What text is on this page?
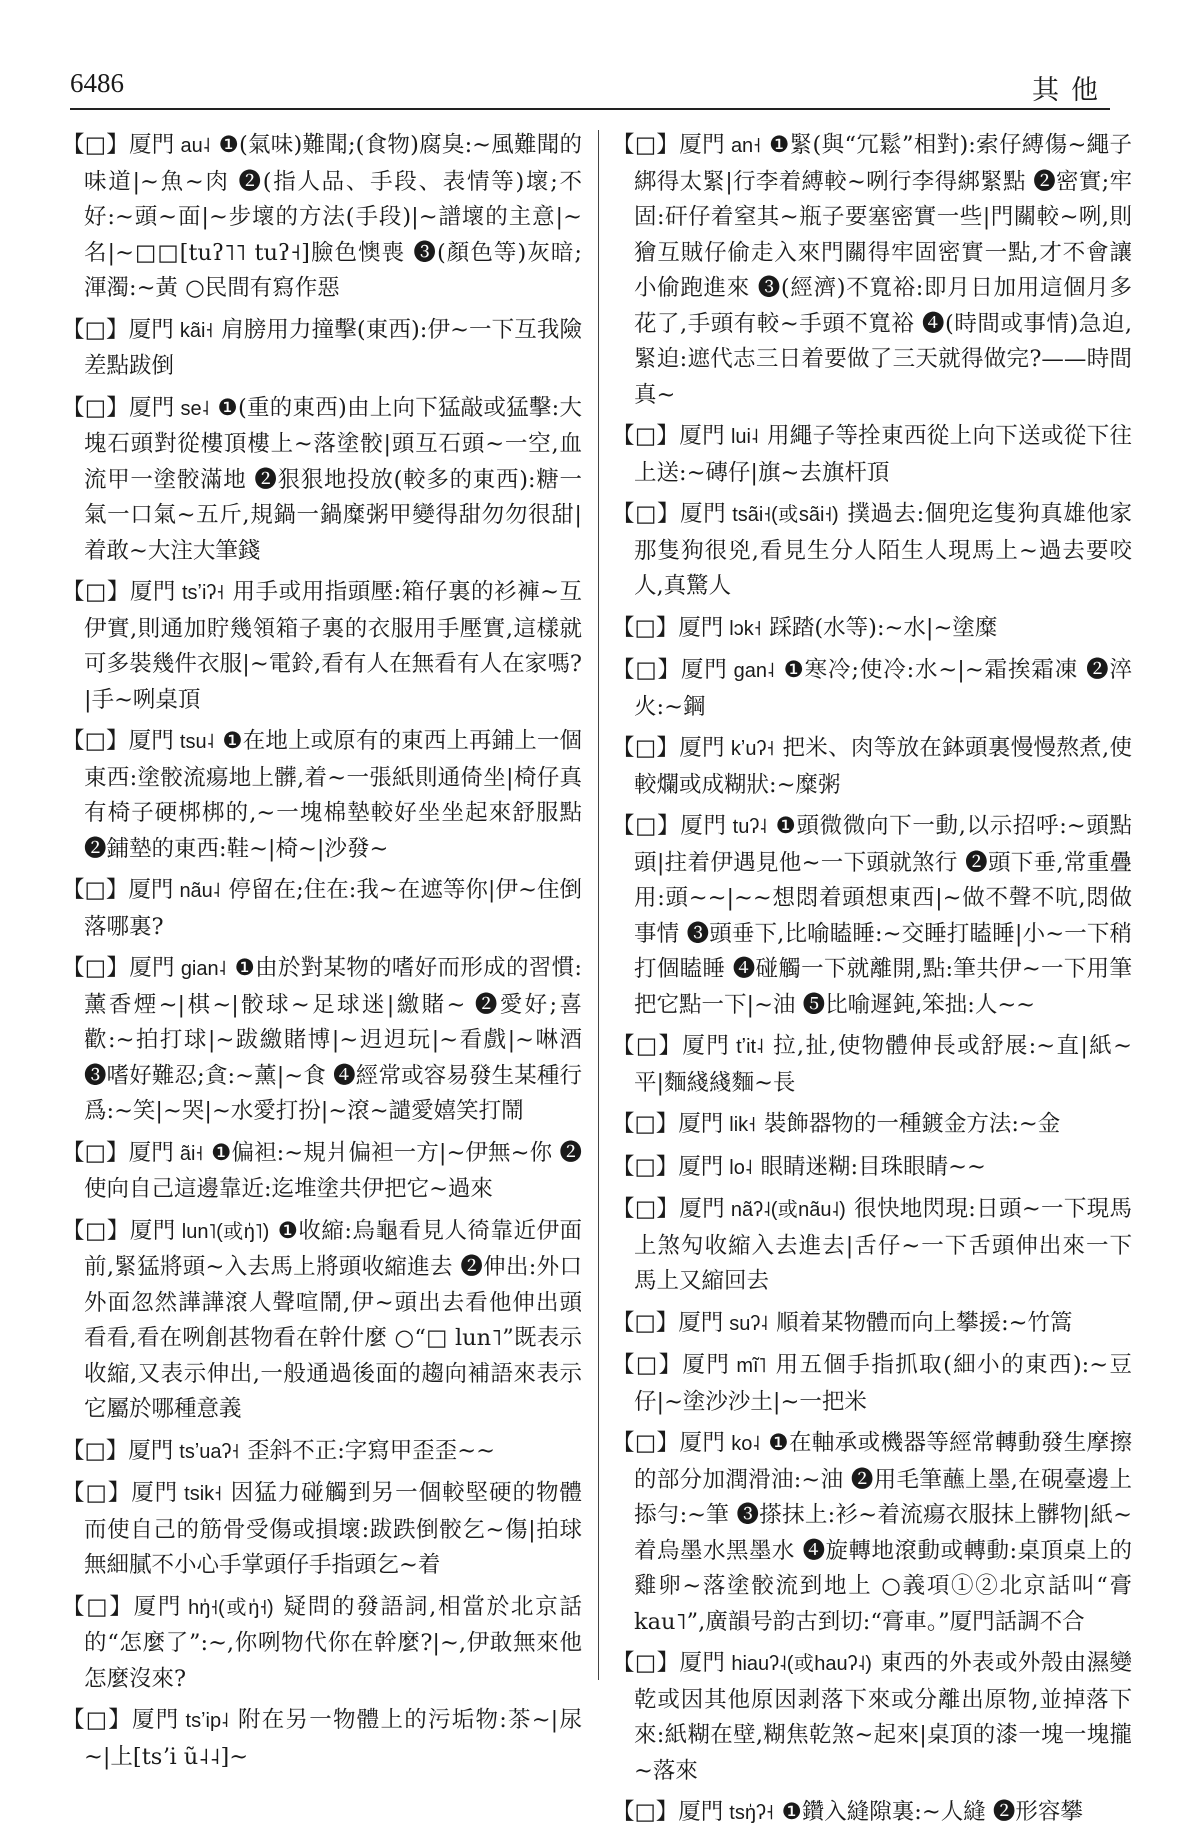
6486	其他

【□】厦門 au˨ ❶(氣味)難聞;(食物)腐臭:~風難聞的味道|~魚~肉 ❷(指人品、手段、表情等)壞;不好:~頭~面|~步壞的方法(手段)|~譜壞的主意|~名|~□□[tuʔ˥˥ tuʔ˧]臉色懊喪 ❸(顏色等)灰暗;渾濁:~黃 ○民間有寫作惡

【□】厦門 kãi˧ 肩膀用力撞擊(東西):伊~一下互我險差點跋倒

【□】厦門 se˨ ❶(重的東西)由上向下猛敲或猛擊:大塊石頭對從樓頂樓上~落塗骹|頭互石頭~一空,血流甲一塗骹滿地 ❷狠狠地投放(較多的東西):糖一氣一口氣~五斤,規鍋一鍋糜粥甲變得甜勿勿很甜|着敢~大注大筆錢

【□】厦門 tsʼiʔ˧ 用手或用指頭壓:箱仔裏的衫褲~互伊實,則通加貯幾領箱子裏的衣服用手壓實,這樣就可多裝幾件衣服|~電鈴,看有人在無看有人在家嗎?|手~咧桌頂

【□】厦門 tsu˨ ❶在地上或原有的東西上再鋪上一個東西:塗骹流瘍地上髒,着~一張紙則通倚坐|椅仔真有椅子硬梆梆的,~一塊棉墊較好坐坐起來舒服點 ❷鋪墊的東西:鞋~|椅~|沙發~

【□】厦門 nãu˨ 停留在;住在:我~在遮等你|伊~住倒落哪裏?

【□】厦門 gian˨ ❶由於對某物的嗜好而形成的習慣:薰香煙~|棋~|骹球~足球迷|繳賭~ ❷愛好;喜歡:~拍打球|~跋繳賭博|~迌迌玩|~看戲|~啉酒 ❸嗜好難忍;貪:~薰|~食 ❹經常或容易發生某種行爲:~笑|~哭|~水愛打扮|~滾~譴愛嬉笑打鬧

【□】厦門 ãi˧ ❶偏袒:~規爿偏袒一方|~伊無~你 ❷使向自己這邊靠近:迄堆塗共伊把它~過來

【□】厦門 lun˥(或ŋ̍˥) ❶收縮:烏龜看見人徛靠近伊面前,緊猛將頭~入去馬上將頭收縮進去 ❷伸出:外口外面忽然譁譁滾人聲喧鬧,伊~頭出去看他伸出頭看看,看在咧創甚物看在幹什麼 ○“□ lun˥”既表示收縮,又表示伸出,一般通過後面的趨向補語來表示它屬於哪種意義

【□】厦門 tsʼuaʔ˧ 歪斜不正:字寫甲歪歪~~

【□】厦門 tsik˧ 因猛力碰觸到另一個較堅硬的物體而使自己的筋骨受傷或損壞:跋跌倒骹乞~傷|拍球無細膩不小心手掌頭仔手指頭乞~着

【□】厦門 hŋ̍˧(或ŋ̍˧) 疑問的發語詞,相當於北京話的“怎麼了”:~,你咧物代你在幹麼?|~,伊敢無來他怎麼沒來?

【□】厦門 tsʼip˨ 附在另一物體上的污垢物:茶~|尿~|上[tsʼi ũ˨˨]~

【□】厦門 an˧ ❶緊(與“冗鬆”相對):索仔縛傷~繩子綁得太緊|行李着縛較~咧行李得綁緊點 ❷密實;牢固:矸仔着窒其~瓶子要塞密實一些|門關較~咧,則獪互賊仔偷走入來門關得牢固密實一點,才不會讓小偷跑進來 ❸(經濟)不寬裕:即月日加用這個月多花了,手頭有較~手頭不寬裕 ❹(時間或事情)急迫,緊迫:遮代志三日着要做了三天就得做完?——時間真~

【□】厦門 lui˨ 用繩子等拴東西從上向下送或從下往上送:~磚仔|旗~去旗杆頂

【□】厦門 tsãi˧(或sãi˧) 撲過去:個兜迄隻狗真雄他家那隻狗很兇,看見生分人陌生人現馬上~過去要咬人,真驚人

【□】厦門 lɔk˧ 踩踏(水等):~水|~塗糜

【□】厦門 gan˨ ❶寒冷;使冷:水~|~霜挨霜凍 ❷淬火:~鋼

【□】厦門 kʼuʔ˧ 把米、肉等放在鉢頭裏慢慢熬煮,使較爛或成糊狀:~糜粥

【□】厦門 tuʔ˨ ❶頭微微向下一動,以示招呼:~頭點頭|拄着伊遇見他~一下頭就煞行 ❷頭下垂,常重疊用:頭~~|~~想悶着頭想東西|~做不聲不吭,悶做事情 ❸頭垂下,比喻瞌睡:~交睡打瞌睡|小~一下稍打個瞌睡 ❹碰觸一下就離開,點:筆共伊~一下用筆把它點一下|~油 ❺比喻遲鈍,笨拙:人~~

【□】厦門 tʼit˨ 拉,扯,使物體伸長或舒展:~直|紙~平|麵綫綫麵~長

【□】厦門 lik˧ 裝飾器物的一種鍍金方法:~金

【□】厦門 lo˨ 眼睛迷糊:目珠眼睛~~

【□】厦門 nãʔ˨(或nãu˨) 很快地閃現:日頭~一下現馬上煞勼收縮入去進去|舌仔~一下舌頭伸出來一下馬上又縮回去

【□】厦門 suʔ˨ 順着某物體而向上攀援:~竹篙

【□】厦門 mĩ˥ 用五個手指抓取(細小的東西):~豆仔|~塗沙沙土|~一把米

【□】厦門 ko˨ ❶在軸承或機器等經常轉動發生摩擦的部分加潤滑油:~油 ❷用毛筆蘸上墨,在硯臺邊上掭勻:~筆 ❸搽抹上:衫~着流瘍衣服抹上髒物|紙~着烏墨水黑墨水 ❹旋轉地滾動或轉動:桌頂桌上的雞卵~落塗骹流到地上 ○義項①②北京話叫“膏 kau˥”,廣韻号韵古到切:“膏車。”厦門話調不合

【□】厦門 hiauʔ˨(或hauʔ˨) 東西的外表或外殼由濕變乾或因其他原因剥落下來或分離出原物,並掉落下來:紙糊在壁,糊焦乾煞~起來|桌頂的漆一塊一塊攏~落來

【□】厦門 tsŋ̍ʔ˧ ❶鑽入縫隙裏:~人縫 ❷形容攀
